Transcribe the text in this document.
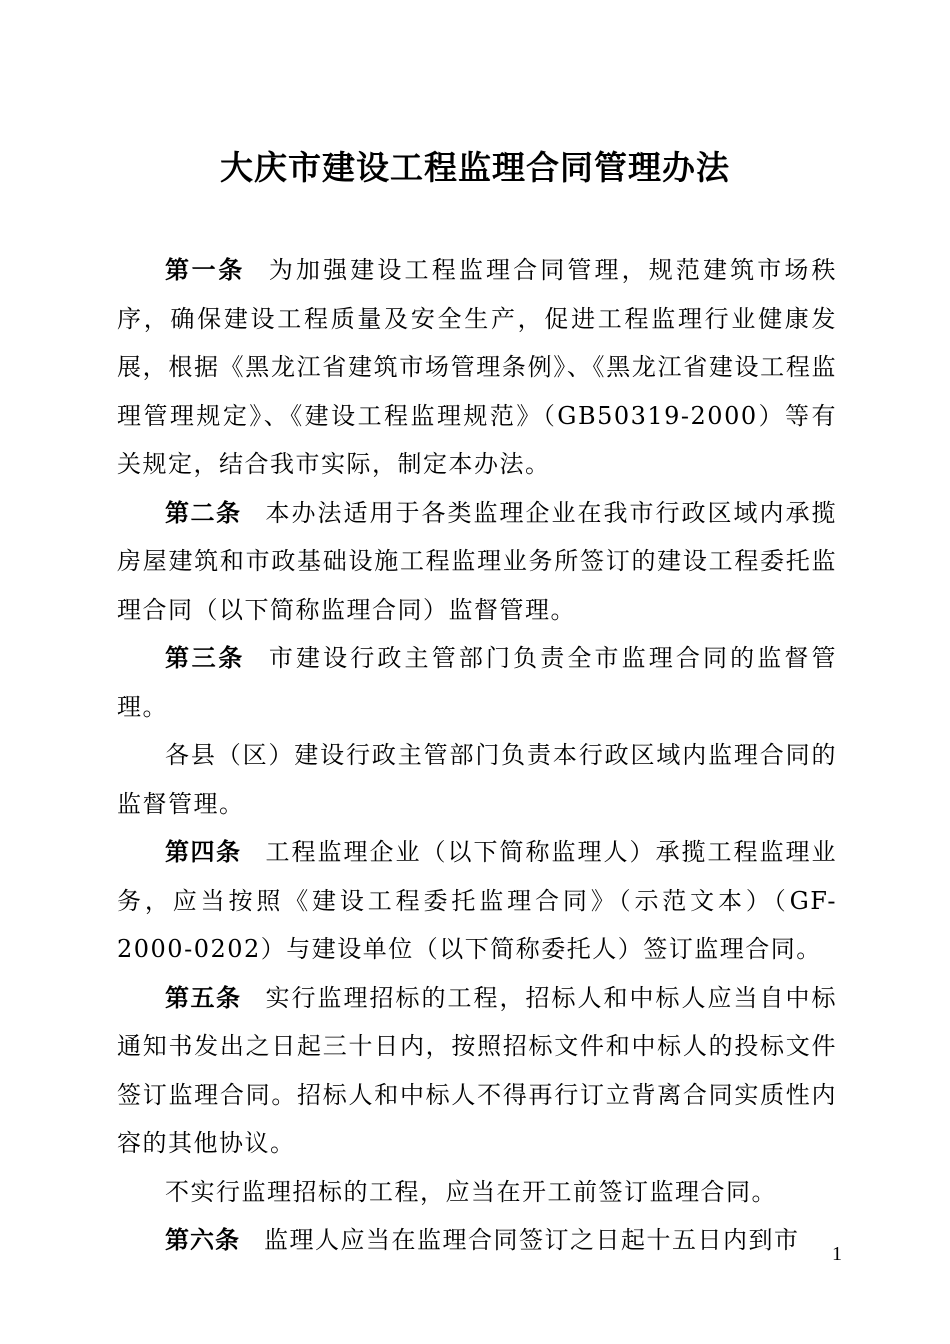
大庆市建设工程监理合同管理办法

第一条 为加强建设工程监理合同管理，规范建筑市场秩序，确保建设工程质量及安全生产，促进工程监理行业健康发展，根据《黑龙江省建筑市场管理条例》、《黑龙江省建设工程监理管理规定》、《建设工程监理规范》（GB50319-2000）等有关规定，结合我市实际，制定本办法。

第二条 本办法适用于各类监理企业在我市行政区域内承揽房屋建筑和市政基础设施工程监理业务所签订的建设工程委托监理合同（以下简称监理合同）监督管理。

第三条 市建设行政主管部门负责全市监理合同的监督管理。

各县（区）建设行政主管部门负责本行政区域内监理合同的监督管理。

第四条 工程监理企业（以下简称监理人）承揽工程监理业务，应当按照《建设工程委托监理合同》（示范文本）（GF-2000-0202）与建设单位（以下简称委托人）签订监理合同。

第五条 实行监理招标的工程，招标人和中标人应当自中标通知书发出之日起三十日内，按照招标文件和中标人的投标文件签订监理合同。招标人和中标人不得再行订立背离合同实质性内容的其他协议。

不实行监理招标的工程，应当在开工前签订监理合同。

第六条 监理人应当在监理合同签订之日起十五日内到市	1
